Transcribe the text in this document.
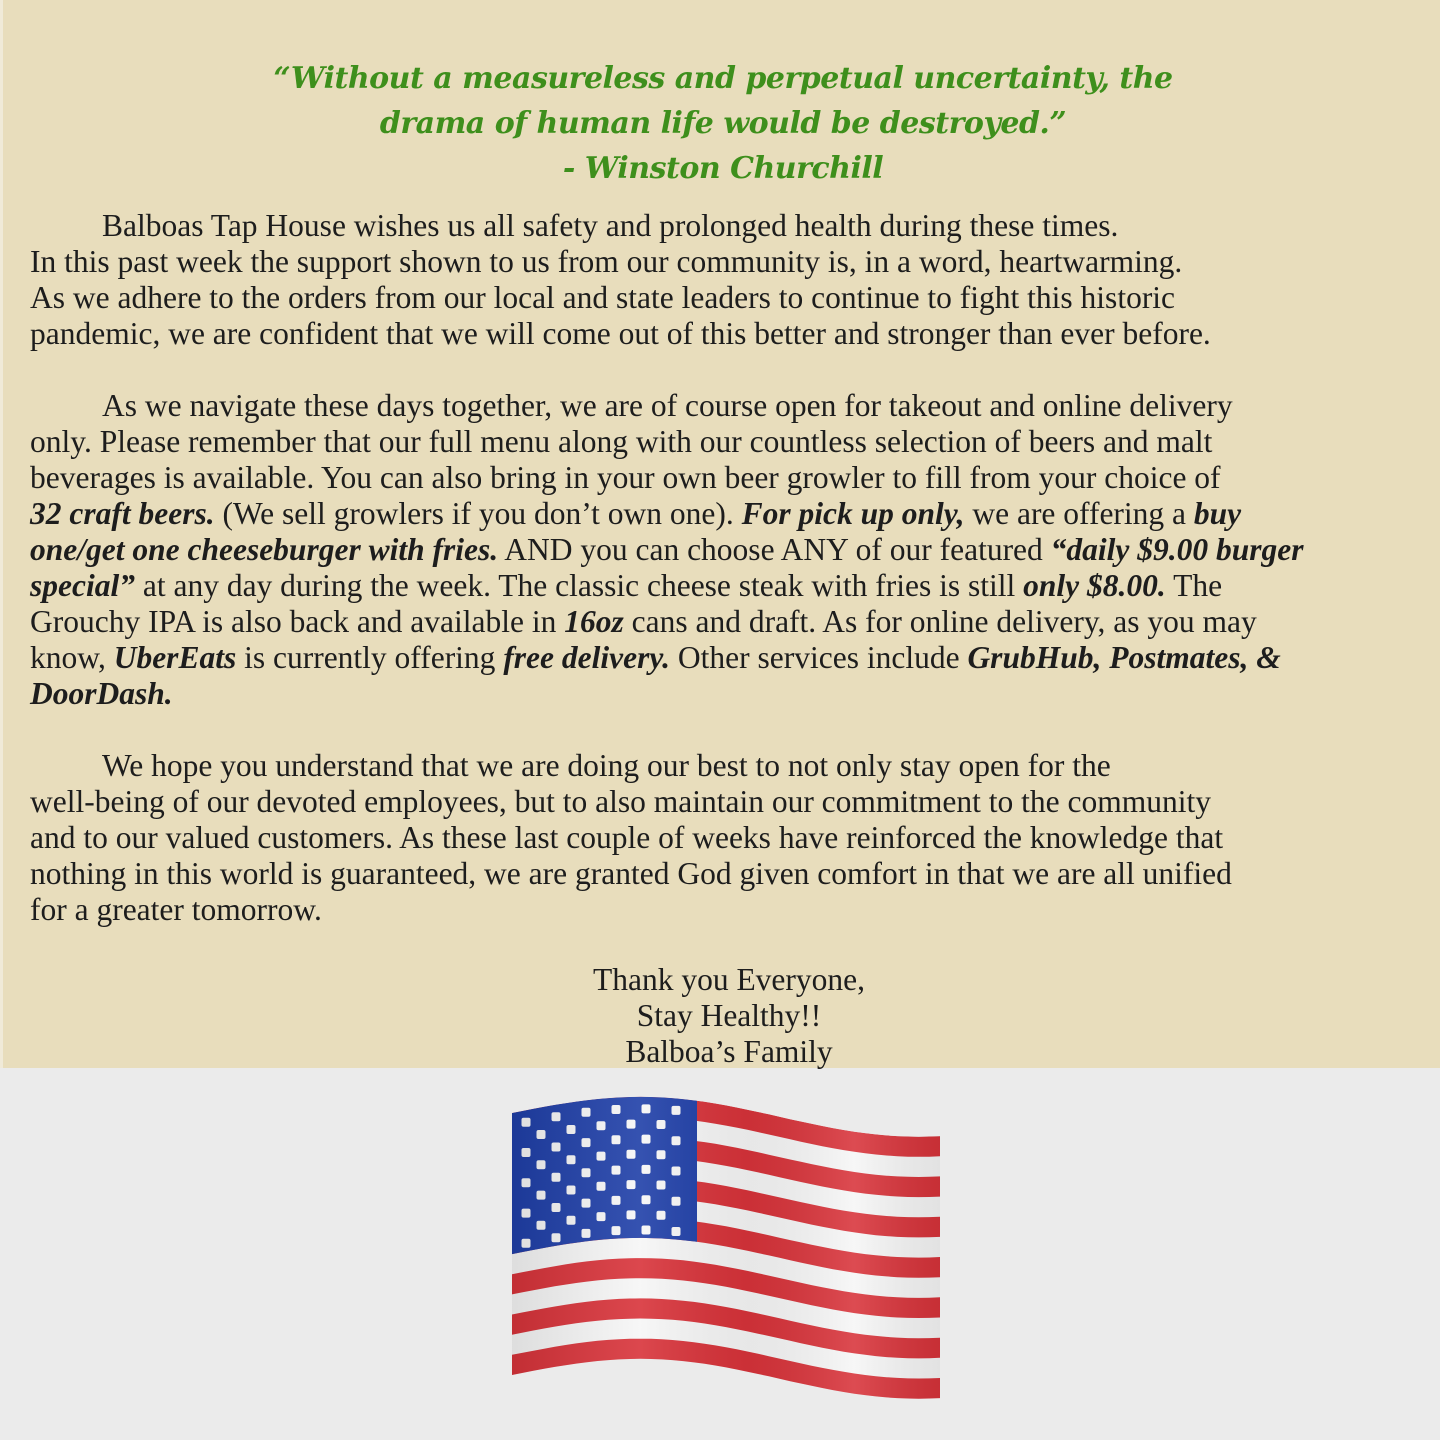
“Without a measureless and perpetual uncertainty, the
drama of human life would be destroyed.”
- Winston Churchill
Balboas Tap House wishes us all safety and prolonged health during these times.
In this past week the support shown to us from our community is, in a word, heartwarming.
As we adhere to the orders from our local and state leaders to continue to fight this historic
pandemic, we are confident that we will come out of this better and stronger than ever before.
As we navigate these days together, we are of course open for takeout and online delivery
only. Please remember that our full menu along with our countless selection of beers and malt
beverages is available. You can also bring in your own beer growler to fill from your choice of
32 craft beers. (We sell growlers if you don’t own one). For pick up only, we are offering a buy
one/get one cheeseburger with fries. AND you can choose ANY of our featured “daily $9.00 burger
special” at any day during the week. The classic cheese steak with fries is still only $8.00. The
Grouchy IPA is also back and available in 16oz cans and draft. As for online delivery, as you may
know, UberEats is currently offering free delivery. Other services include GrubHub, Postmates, &
DoorDash.
We hope you understand that we are doing our best to not only stay open for the
well-being of our devoted employees, but to also maintain our commitment to the community
and to our valued customers. As these last couple of weeks have reinforced the knowledge that
nothing in this world is guaranteed, we are granted God given comfort in that we are all unified
for a greater tomorrow.
Thank you Everyone,
Stay Healthy!!
Balboa’s Family
